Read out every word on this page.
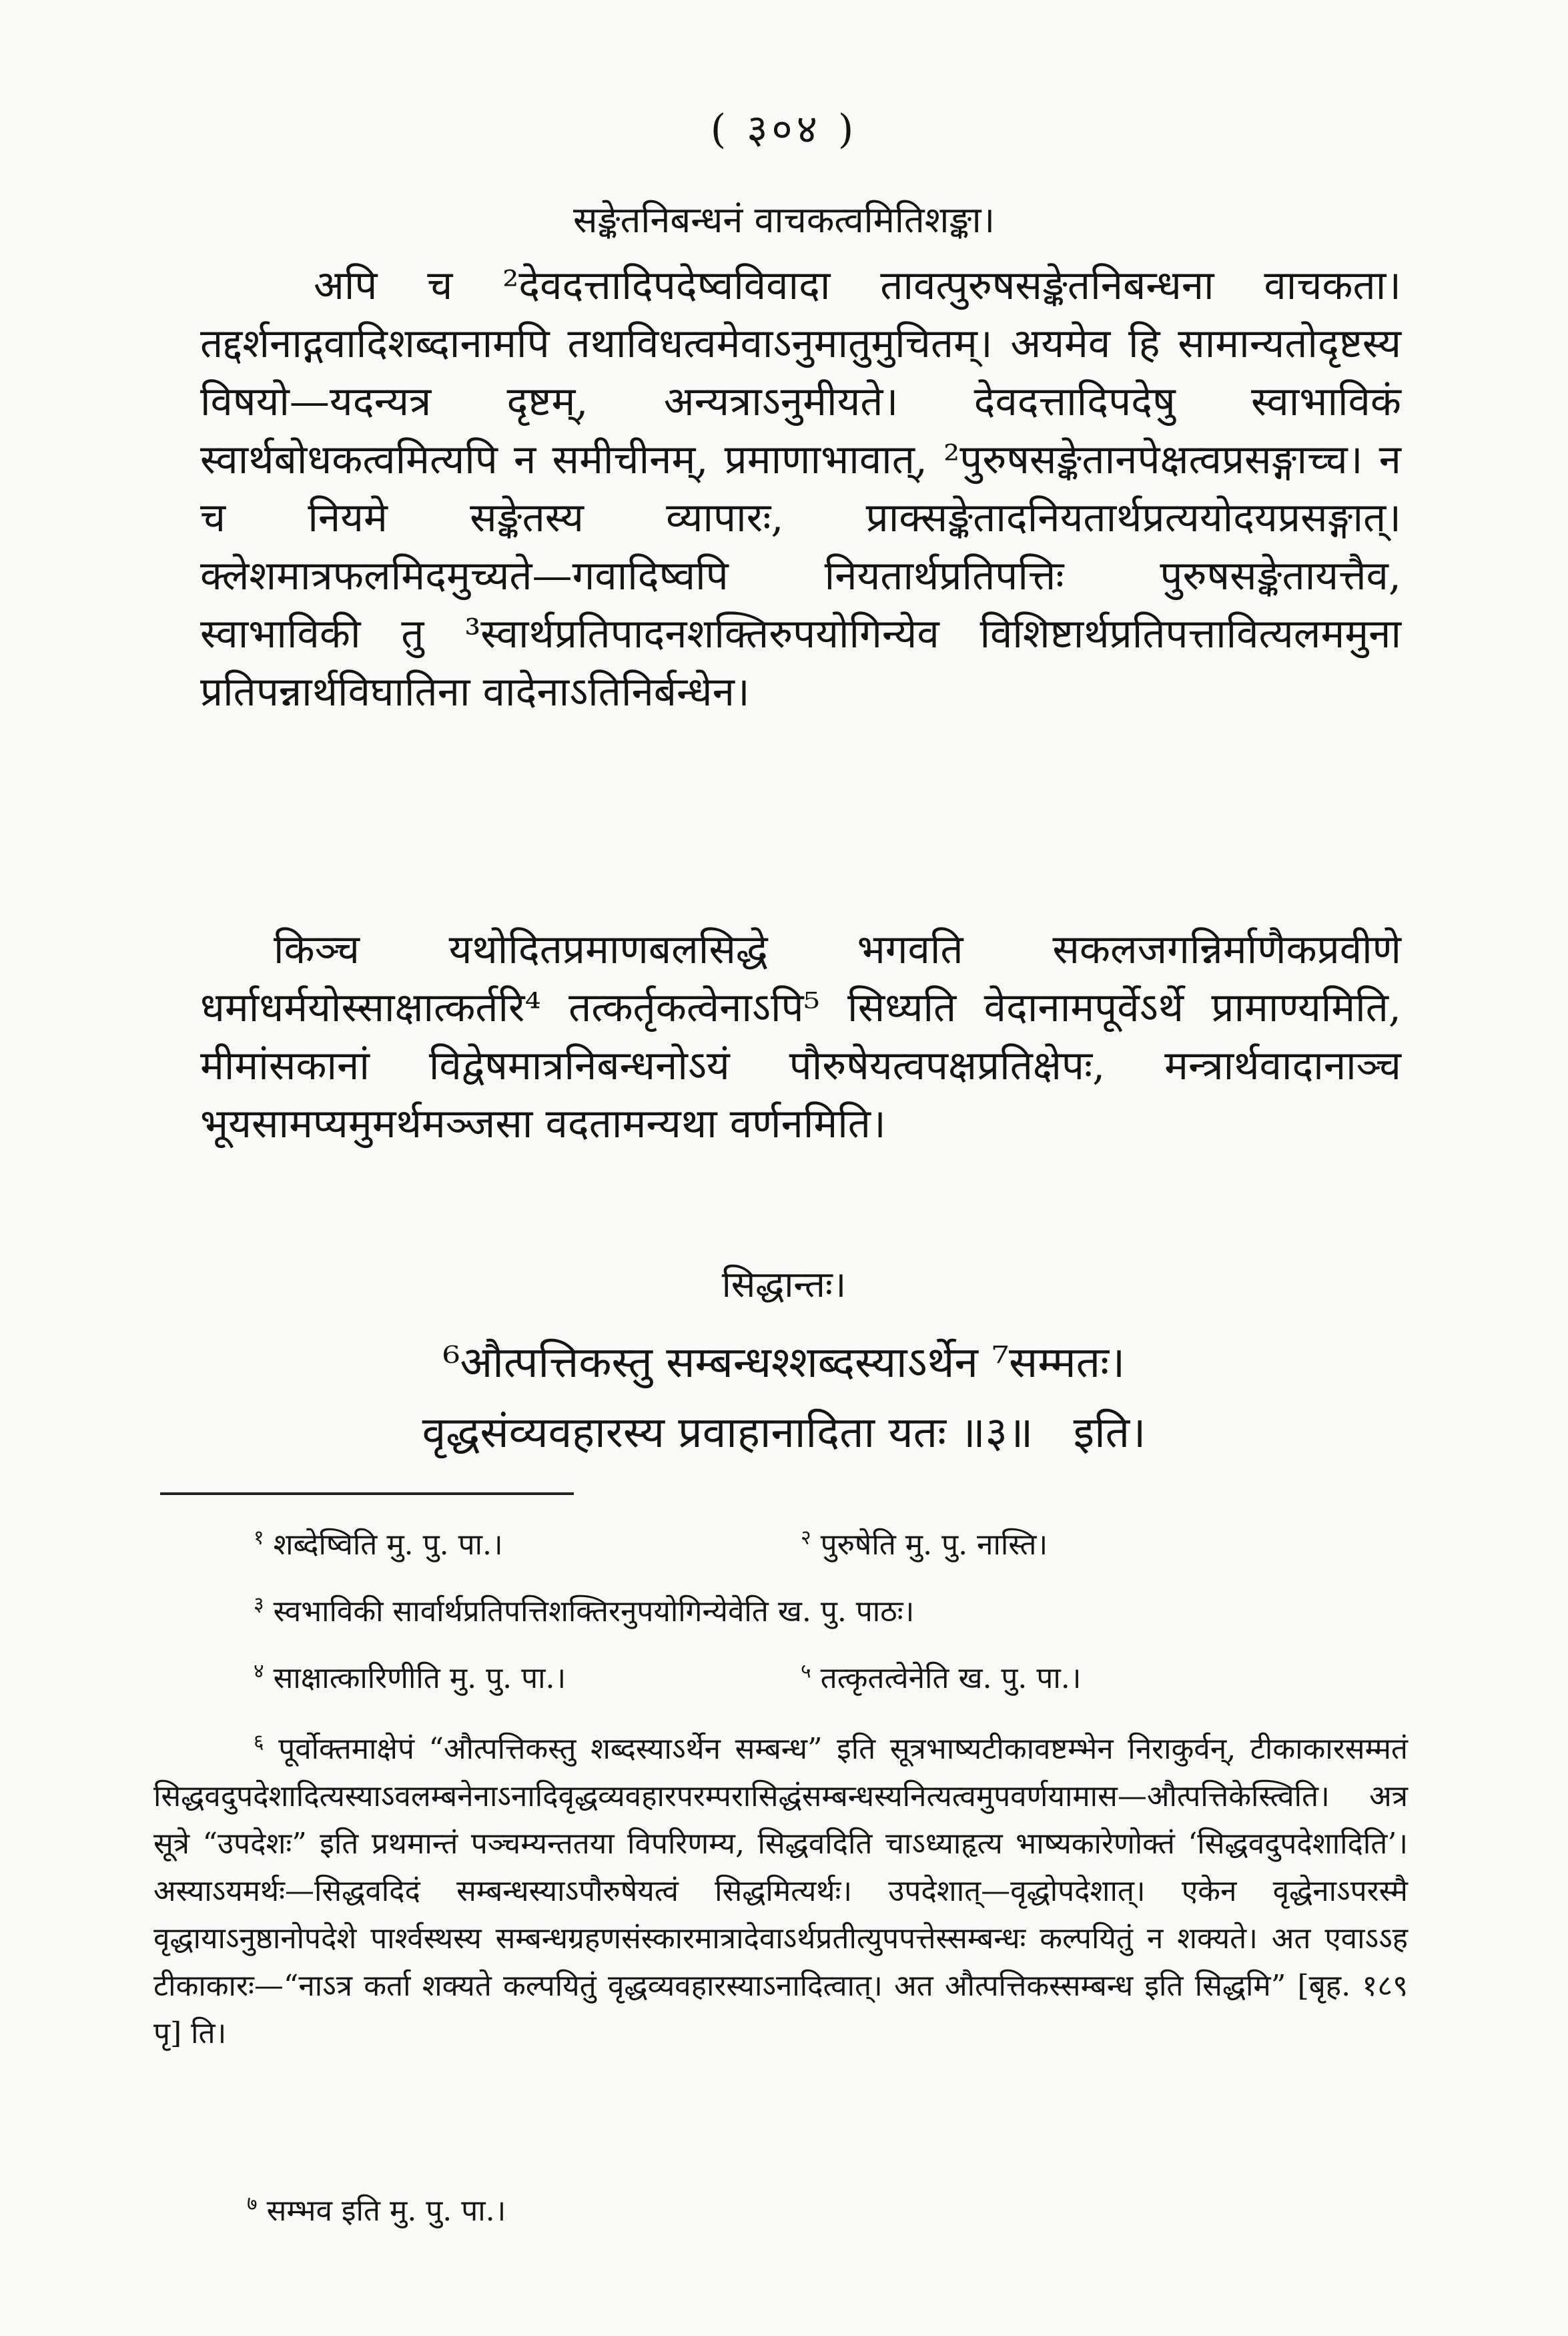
( ३०४ )

सङ्केतनिबन्धनं वाचकत्वमितिशङ्का।

अपि च ²देवदत्तादिपदेष्वविवादा तावत्पुरुषसङ्केतनिबन्धना वाचकता। तद्दर्शनाद्गवादिशब्दानामपि तथाविधत्वमेवाऽनुमातुमुचितम्। अयमेव हि सामान्यतोदृष्टस्य विषयो—यदन्यत्र दृष्टम्, अन्यत्राऽनुमीयते। देवदत्तादिपदेषु स्वाभाविकं स्वार्थबोधकत्वमित्यपि न समीचीनम्, प्रमाणाभावात्, ²पुरुषसङ्केतानपेक्षत्वप्रसङ्गाच्च। न च नियमे सङ्केतस्य व्यापारः, प्राक्सङ्केतादनियतार्थप्रत्ययोदयप्रसङ्गात्। क्लेशमात्रफलमिदमुच्यते—गवादिष्वपि नियतार्थप्रतिपत्तिः पुरुषसङ्केतायत्तैव, स्वाभाविकी तु ³स्वार्थप्रतिपादनशक्तिरुपयोगिन्येव विशिष्टार्थप्रतिपत्तावित्यलममुना प्रतिपन्नार्थविघातिना वादेनाऽतिनिर्बन्धेन।

किञ्च यथोदितप्रमाणबलसिद्धे भगवति सकलजगन्निर्माणैकप्रवीणे धर्माधर्मयोस्साक्षात्कर्तरि⁴ तत्कर्तृकत्वेनाऽपि⁵ सिध्यति वेदानामपूर्वेऽर्थे प्रामाण्यमिति, मीमांसकानां विद्वेषमात्रनिबन्धनोऽयं पौरुषेयत्वपक्षप्रतिक्षेपः, मन्त्रार्थवादानाञ्च भूयसामप्यमुमर्थमञ्जसा वदतामन्यथा वर्णनमिति।

सिद्धान्तः।

⁶औत्पत्तिकस्तु सम्बन्धश्शब्दस्याऽर्थेन ⁷सम्मतः।

वृद्धसंव्यवहारस्य प्रवाहानादिता यतः ॥३॥ इति।

$^१$ शब्देष्विति मु. पु. पा.।	$^२$ पुरुषेति मु. पु. नास्ति।

$^३$ स्वभाविकी सार्वार्थप्रतिपत्तिशक्तिरनुपयोगिन्येवेति ख. पु. पाठः।

$^४$ साक्षात्कारिणीति मु. पु. पा.।	$^५$ तत्कृतत्वेनेति ख. पु. पा.।

$^६$ पूर्वोक्तमाक्षेपं “औत्पत्तिकस्तु शब्दस्याऽर्थेन सम्बन्ध” इति सूत्रभाष्यटीकावष्टम्भेन निराकुर्वन्, टीकाकारसम्मतं सिद्धवदुपदेशादित्यस्याऽवलम्बनेनाऽनादिवृद्धव्यवहारपरम्परासिद्धंसम्बन्धस्यनित्यत्वमुपवर्णयामास—औत्पत्तिकेस्त्विति। अत्र सूत्रे “उपदेशः” इति प्रथमान्तं पञ्चम्यन्ततया विपरिणम्य, सिद्धवदिति चाऽध्याहृत्य भाष्यकारेणोक्तं ‘सिद्धवदुपदेशादिति’। अस्याऽयमर्थः—सिद्धवदिदं सम्बन्धस्याऽपौरुषेयत्वं सिद्धमित्यर्थः। उपदेशात्—वृद्धोपदेशात्। एकेन वृद्धेनाऽपरस्मै वृद्धायाऽनुष्ठानोपदेशे पार्श्वस्थस्य सम्बन्धग्रहणसंस्कारमात्रादेवाऽर्थप्रतीत्युपपत्तेस्सम्बन्धः कल्पयितुं न शक्यते। अत एवाऽऽह टीकाकारः—“नाऽत्र कर्ता शक्यते कल्पयितुं वृद्धव्यवहारस्याऽनादित्वात्। अत औत्पत्तिकस्सम्बन्ध इति सिद्धमि” [बृह. १८९ पृ] ति।

$^७$ सम्भव इति मु. पु. पा.।
